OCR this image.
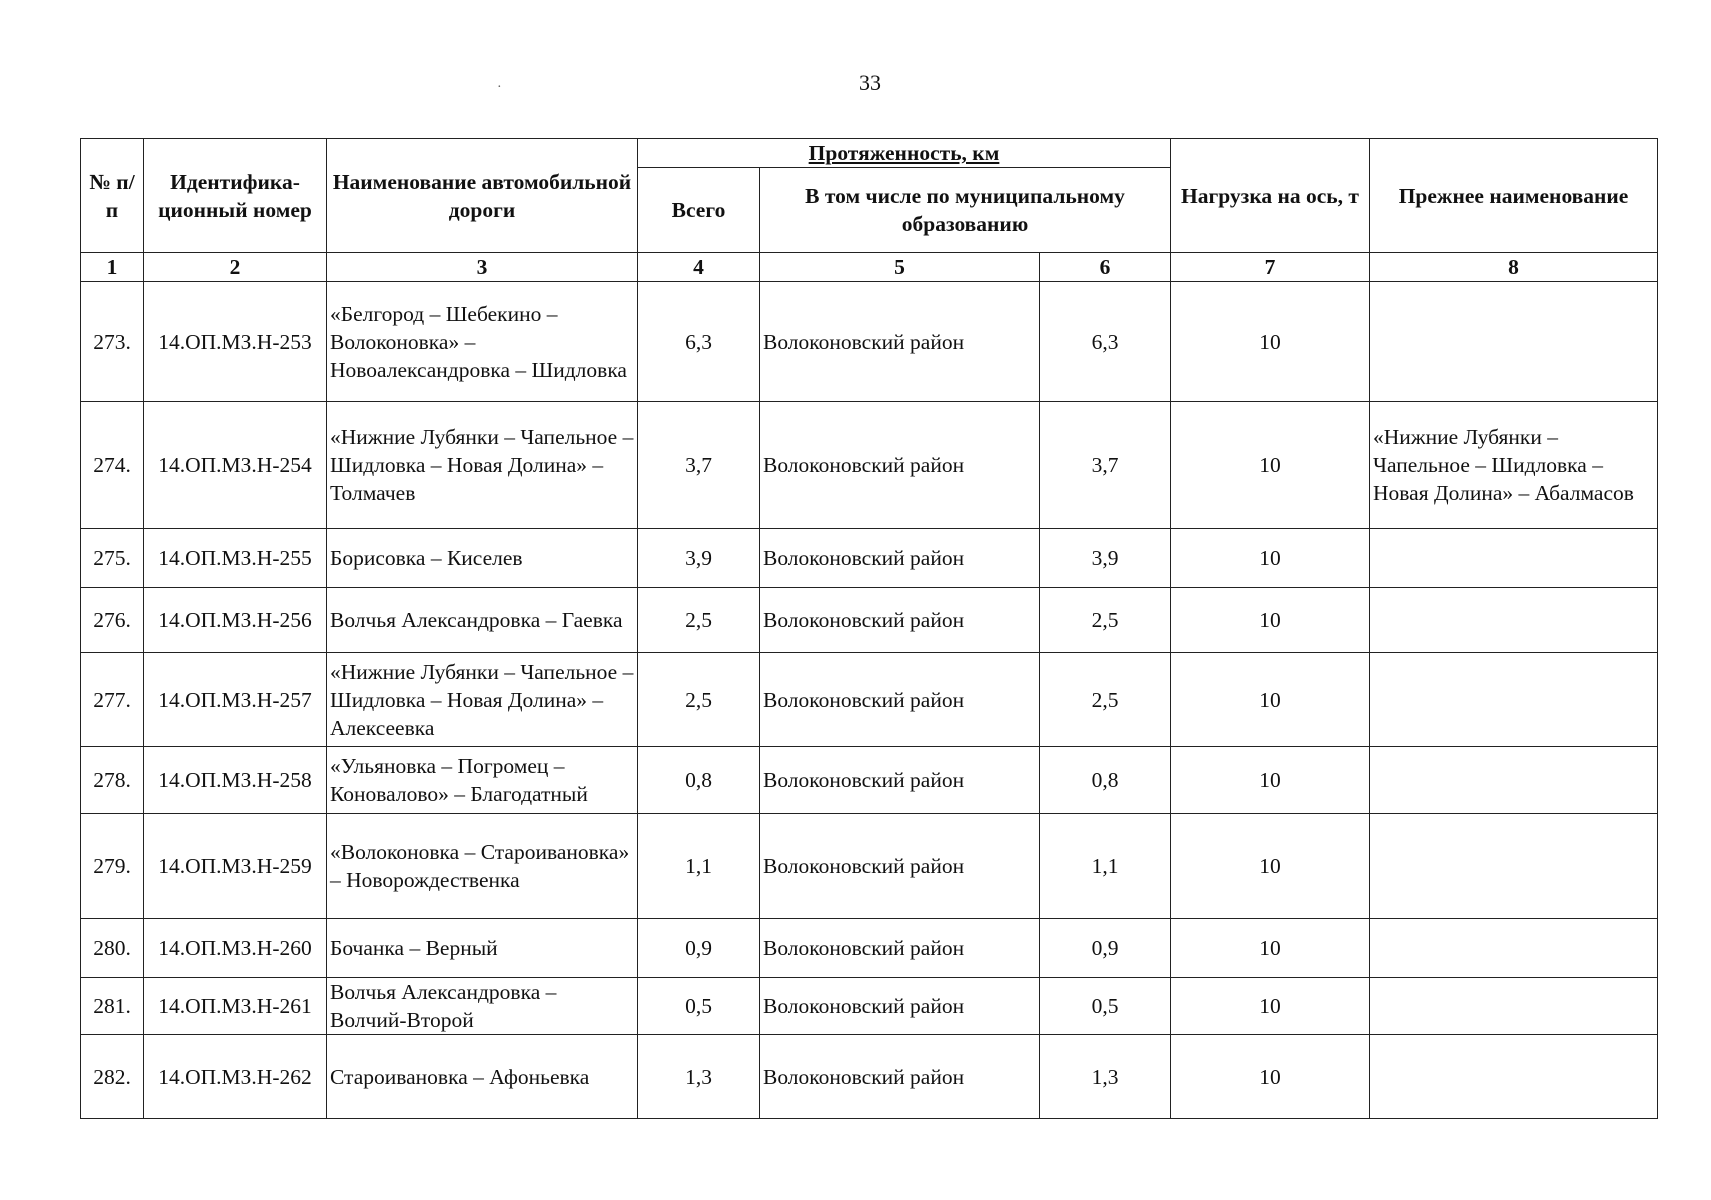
33
·
№ п/п	Идентифика-ционный номер	Наименование автомобильной дороги	Протяженность, км			Нагрузка на ось, т	Прежнее наименование
			Всего	В том числе по муниципальному образованию			
1	2	3	4	5	6	7	8
273.	14.ОП.МЗ.Н-253	«Белгород – Шебекино – Волоконовка» – Новоалександровка – Шидловка	6,3	Волоконовский район	6,3	10	
274.	14.ОП.МЗ.Н-254	«Нижние Лубянки – Чапельное – Шидловка – Новая Долина» – Толмачев	3,7	Волоконовский район	3,7	10	«Нижние Лубянки – Чапельное – Шидловка – Новая Долина» – Абалмасов
275.	14.ОП.МЗ.Н-255	Борисовка – Киселев	3,9	Волоконовский район	3,9	10	
276.	14.ОП.МЗ.Н-256	Волчья Александровка – Гаевка	2,5	Волоконовский район	2,5	10	
277.	14.ОП.МЗ.Н-257	«Нижние Лубянки – Чапельное – Шидловка – Новая Долина» – Алексеевка	2,5	Волоконовский район	2,5	10	
278.	14.ОП.МЗ.Н-258	«Ульяновка – Погромец – Коновалово» – Благодатный	0,8	Волоконовский район	0,8	10	
279.	14.ОП.МЗ.Н-259	«Волоконовка – Староивановка» – Новорождественка	1,1	Волоконовский район	1,1	10	
280.	14.ОП.МЗ.Н-260	Бочанка – Верный	0,9	Волоконовский район	0,9	10	
281.	14.ОП.МЗ.Н-261	Волчья Александровка – Волчий-Второй	0,5	Волоконовский район	0,5	10	
282.	14.ОП.МЗ.Н-262	Староивановка – Афоньевка	1,3	Волоконовский район	1,3	10	
